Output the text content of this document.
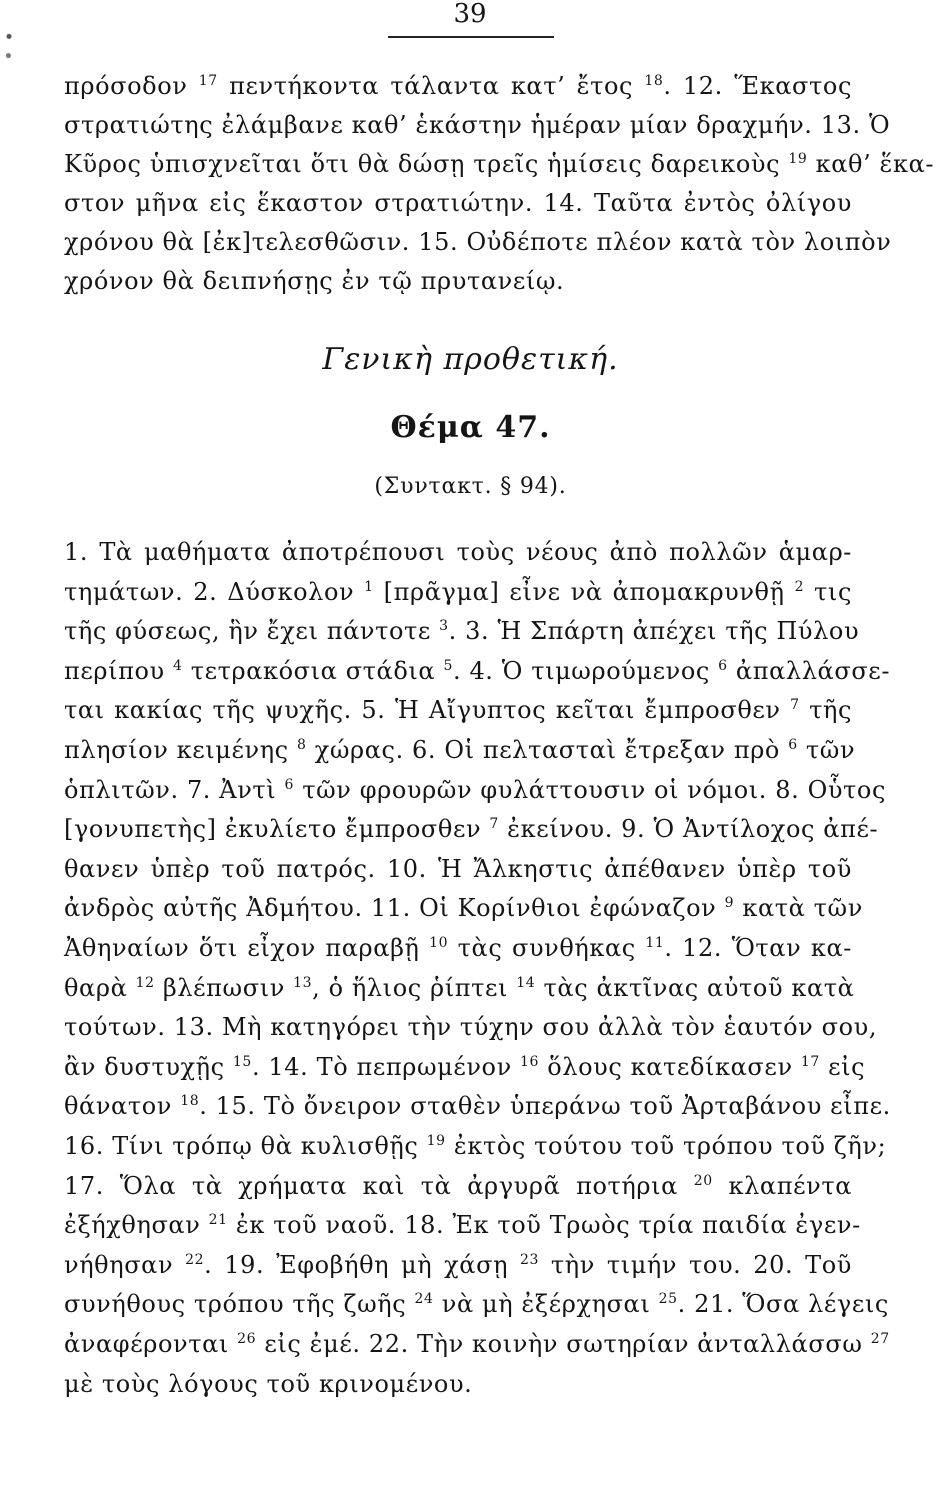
39
πρόσοδον $^{17}$ πεντήκοντα τάλαντα κατ’ ἔτος $^{18}$. 12. Ἕκαστος
στρατιώτης ἐλάμβανε καθ’ ἑκάστην ἡμέραν μίαν δραχμήν. 13. Ὁ
Κῦρος ὑπισχνεῖται ὅτι θὰ δώσῃ τρεῖς ἡμίσεις δαρεικοὺς $^{19}$ καθ’ ἕκα-
στον μῆνα εἰς ἕκαστον στρατιώτην. 14. Ταῦτα ἐντὸς ὀλίγου
χρόνου θὰ [ἐκ]τελεσθῶσιν. 15. Οὐδέποτε πλέον κατὰ τὸν λοιπὸν
χρόνον θὰ δειπνήσῃς ἐν τῷ πρυτανείῳ.
Γενικὴ προθετική.
Θέμα 47.
(Συντακτ. § 94).
1. Τὰ μαθήματα ἀποτρέπουσι τοὺς νέους ἀπὸ πολλῶν ἁμαρ-
τημάτων. 2. Δύσκολον $^1$ [πρᾶγμα] εἶνε νὰ ἀπομακρυνθῇ $^2$ τις
τῆς φύσεως, ἣν ἔχει πάντοτε $^3$. 3. Ἡ Σπάρτη ἀπέχει τῆς Πύλου
περίπου $^4$ τετρακόσια στάδια $^5$. 4. Ὁ τιμωρούμενος $^6$ ἀπαλλάσσε-
ται κακίας τῆς ψυχῆς. 5. Ἡ Αἴγυπτος κεῖται ἔμπροσθεν $^7$ τῆς
πλησίον κειμένης $^8$ χώρας. 6. Οἱ πελτασταὶ ἔτρεξαν πρὸ $^6$ τῶν
ὁπλιτῶν. 7. Ἀντὶ $^6$ τῶν φρουρῶν φυλάττουσιν οἱ νόμοι. 8. Οὗτος
[γονυπετὴς] ἐκυλίετο ἔμπροσθεν $^7$ ἐκείνου. 9. Ὁ Ἀντίλοχος ἀπέ-
θανεν ὑπὲρ τοῦ πατρός. 10. Ἡ Ἄλκηστις ἀπέθανεν ὑπὲρ τοῦ
ἀνδρὸς αὐτῆς Ἀδμήτου. 11. Οἱ Κορίνθιοι ἐφώναζον $^9$ κατὰ τῶν
Ἀθηναίων ὅτι εἶχον παραβῇ $^{10}$ τὰς συνθήκας $^{11}$. 12. Ὅταν κα-
θαρὰ $^{12}$ βλέπωσιν $^{13}$, ὁ ἥλιος ῥίπτει $^{14}$ τὰς ἀκτῖνας αὐτοῦ κατὰ
τούτων. 13. Μὴ κατηγόρει τὴν τύχην σου ἀλλὰ τὸν ἑαυτόν σου,
ἂν δυστυχῇς $^{15}$. 14. Τὸ πεπρωμένον $^{16}$ ὅλους κατεδίκασεν $^{17}$ εἰς
θάνατον $^{18}$. 15. Τὸ ὄνειρον σταθὲν ὑπεράνω τοῦ Ἀρταβάνου εἶπε.
16. Τίνι τρόπῳ θὰ κυλισθῇς $^{19}$ ἐκτὸς τούτου τοῦ τρόπου τοῦ ζῆν;
17. Ὅλα τὰ χρήματα καὶ τὰ ἀργυρᾶ ποτήρια $^{20}$ κλαπέντα
ἐξήχθησαν $^{21}$ ἐκ τοῦ ναοῦ. 18. Ἐκ τοῦ Τρωὸς τρία παιδία ἐγεν-
νήθησαν $^{22}$. 19. Ἐφοβήθη μὴ χάσῃ $^{23}$ τὴν τιμήν του. 20. Τοῦ
συνήθους τρόπου τῆς ζωῆς $^{24}$ νὰ μὴ ἐξέρχησαι $^{25}$. 21. Ὅσα λέγεις
ἀναφέρονται $^{26}$ εἰς ἐμέ. 22. Τὴν κοινὴν σωτηρίαν ἀνταλλάσσω $^{27}$
μὲ τοὺς λόγους τοῦ κρινομένου.
